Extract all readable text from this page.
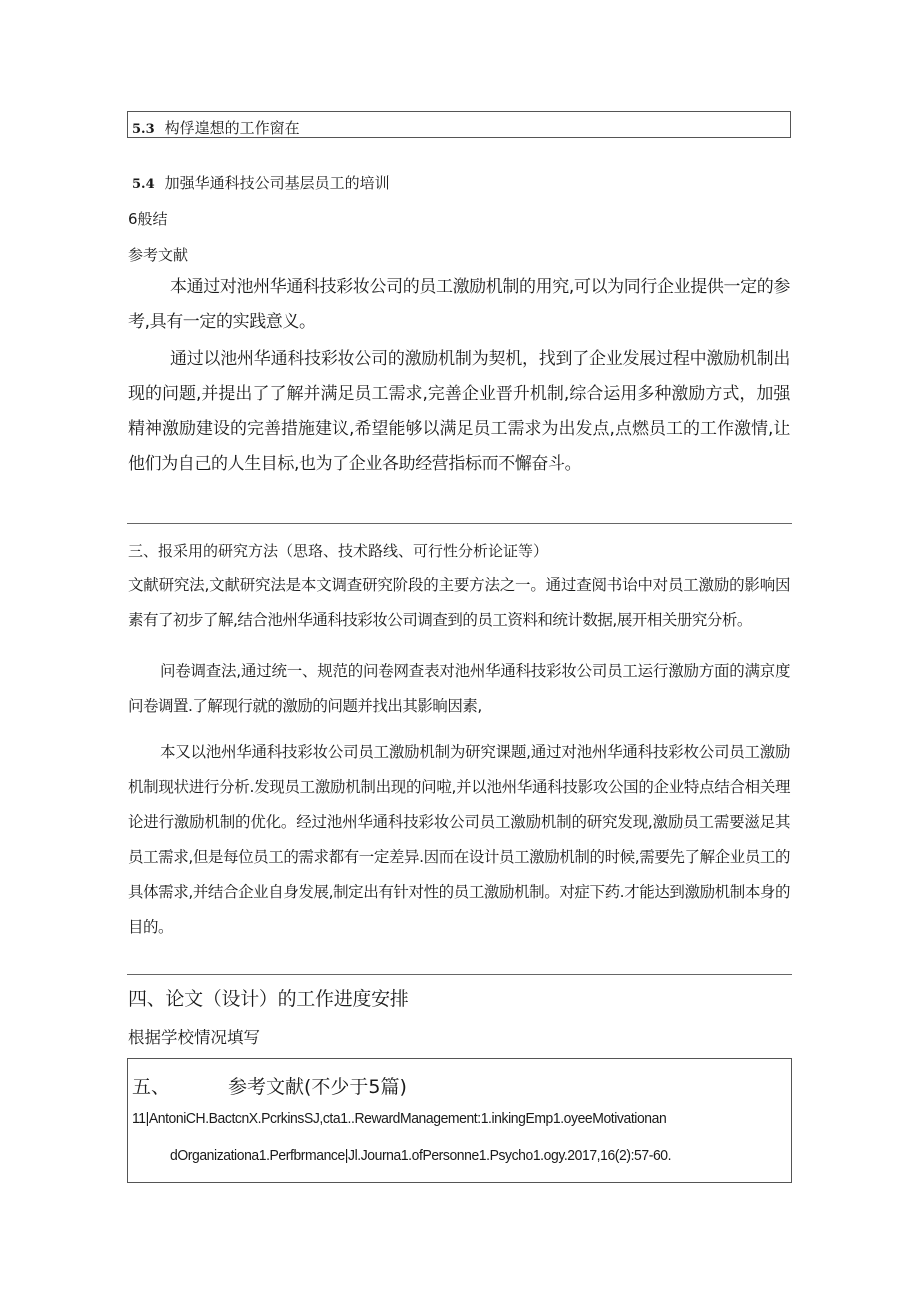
5.3 构俘遑想的工作窗在
5.4 加强华通科技公司基层员工的培训
6般结
参考文献
本通过对池州华通科技彩妆公司的员工激励机制的用究,可以为同行企业提供一定的参考,具有一定的实践意义。
通过以池州华通科技彩妆公司的激励机制为契机，找到了企业发展过程中激励机制出现的问题,并提出了了解并满足员工需求,完善企业晋升机制,综合运用多种激励方式，加强精神激励建设的完善措施建议,希望能够以满足员工需求为出发点,点燃员工的工作激情,让他们为自己的人生目标,也为了企业各助经营指标而不懈奋斗。
三、报采用的研究方法（思珞、技术路线、可行性分析论证等）
文献研究法,文献研究法是本文调查研究阶段的主要方法之一。通过查阅书诒中对员工激励的影响因素有了初步了解,结合池州华通科技彩妆公司调查到的员工资料和统计数据,展开相关册究分析。
问卷调查法,通过统一、规范的问卷网查表对池州华通科技彩妆公司员工运行激励方面的满京度问卷调置.了解现行就的激励的问题并找出其影晌因素,
本又以池州华通科技彩妆公司员工激励机制为研究课题,通过对池州华通科技彩枚公司员工激励机制现状进行分析.发现员工激励机制出现的问啦,并以池州华通科技影攻公国的企业特点结合相关理论进行激励机制的优化。经过池州华通科技彩妆公司员工激励机制的研究发现,激励员工需要滋足其员工需求,但是每位员工的需求都有一定差异.因而在设计员工激励机制的时候,需要先了解企业员工的具体需求,并结合企业自身发展,制定出有针对性的员工激励机制。对症下药.才能达到激励机制本身的目的。
四、论文（设计）的工作进度安排
根据学校情况填写
五、	参考文献(不少于5篇)
11|AntoniCH.BactcnX.PcrkinsSJ,cta1..RewardManagement:1.inkingEmp1.oyeeMotivationan
dOrganizationa1.Perfbrmance|Jl.Journa1.ofPersonne1.Psycho1.ogy.2017,16(2):57-60.
